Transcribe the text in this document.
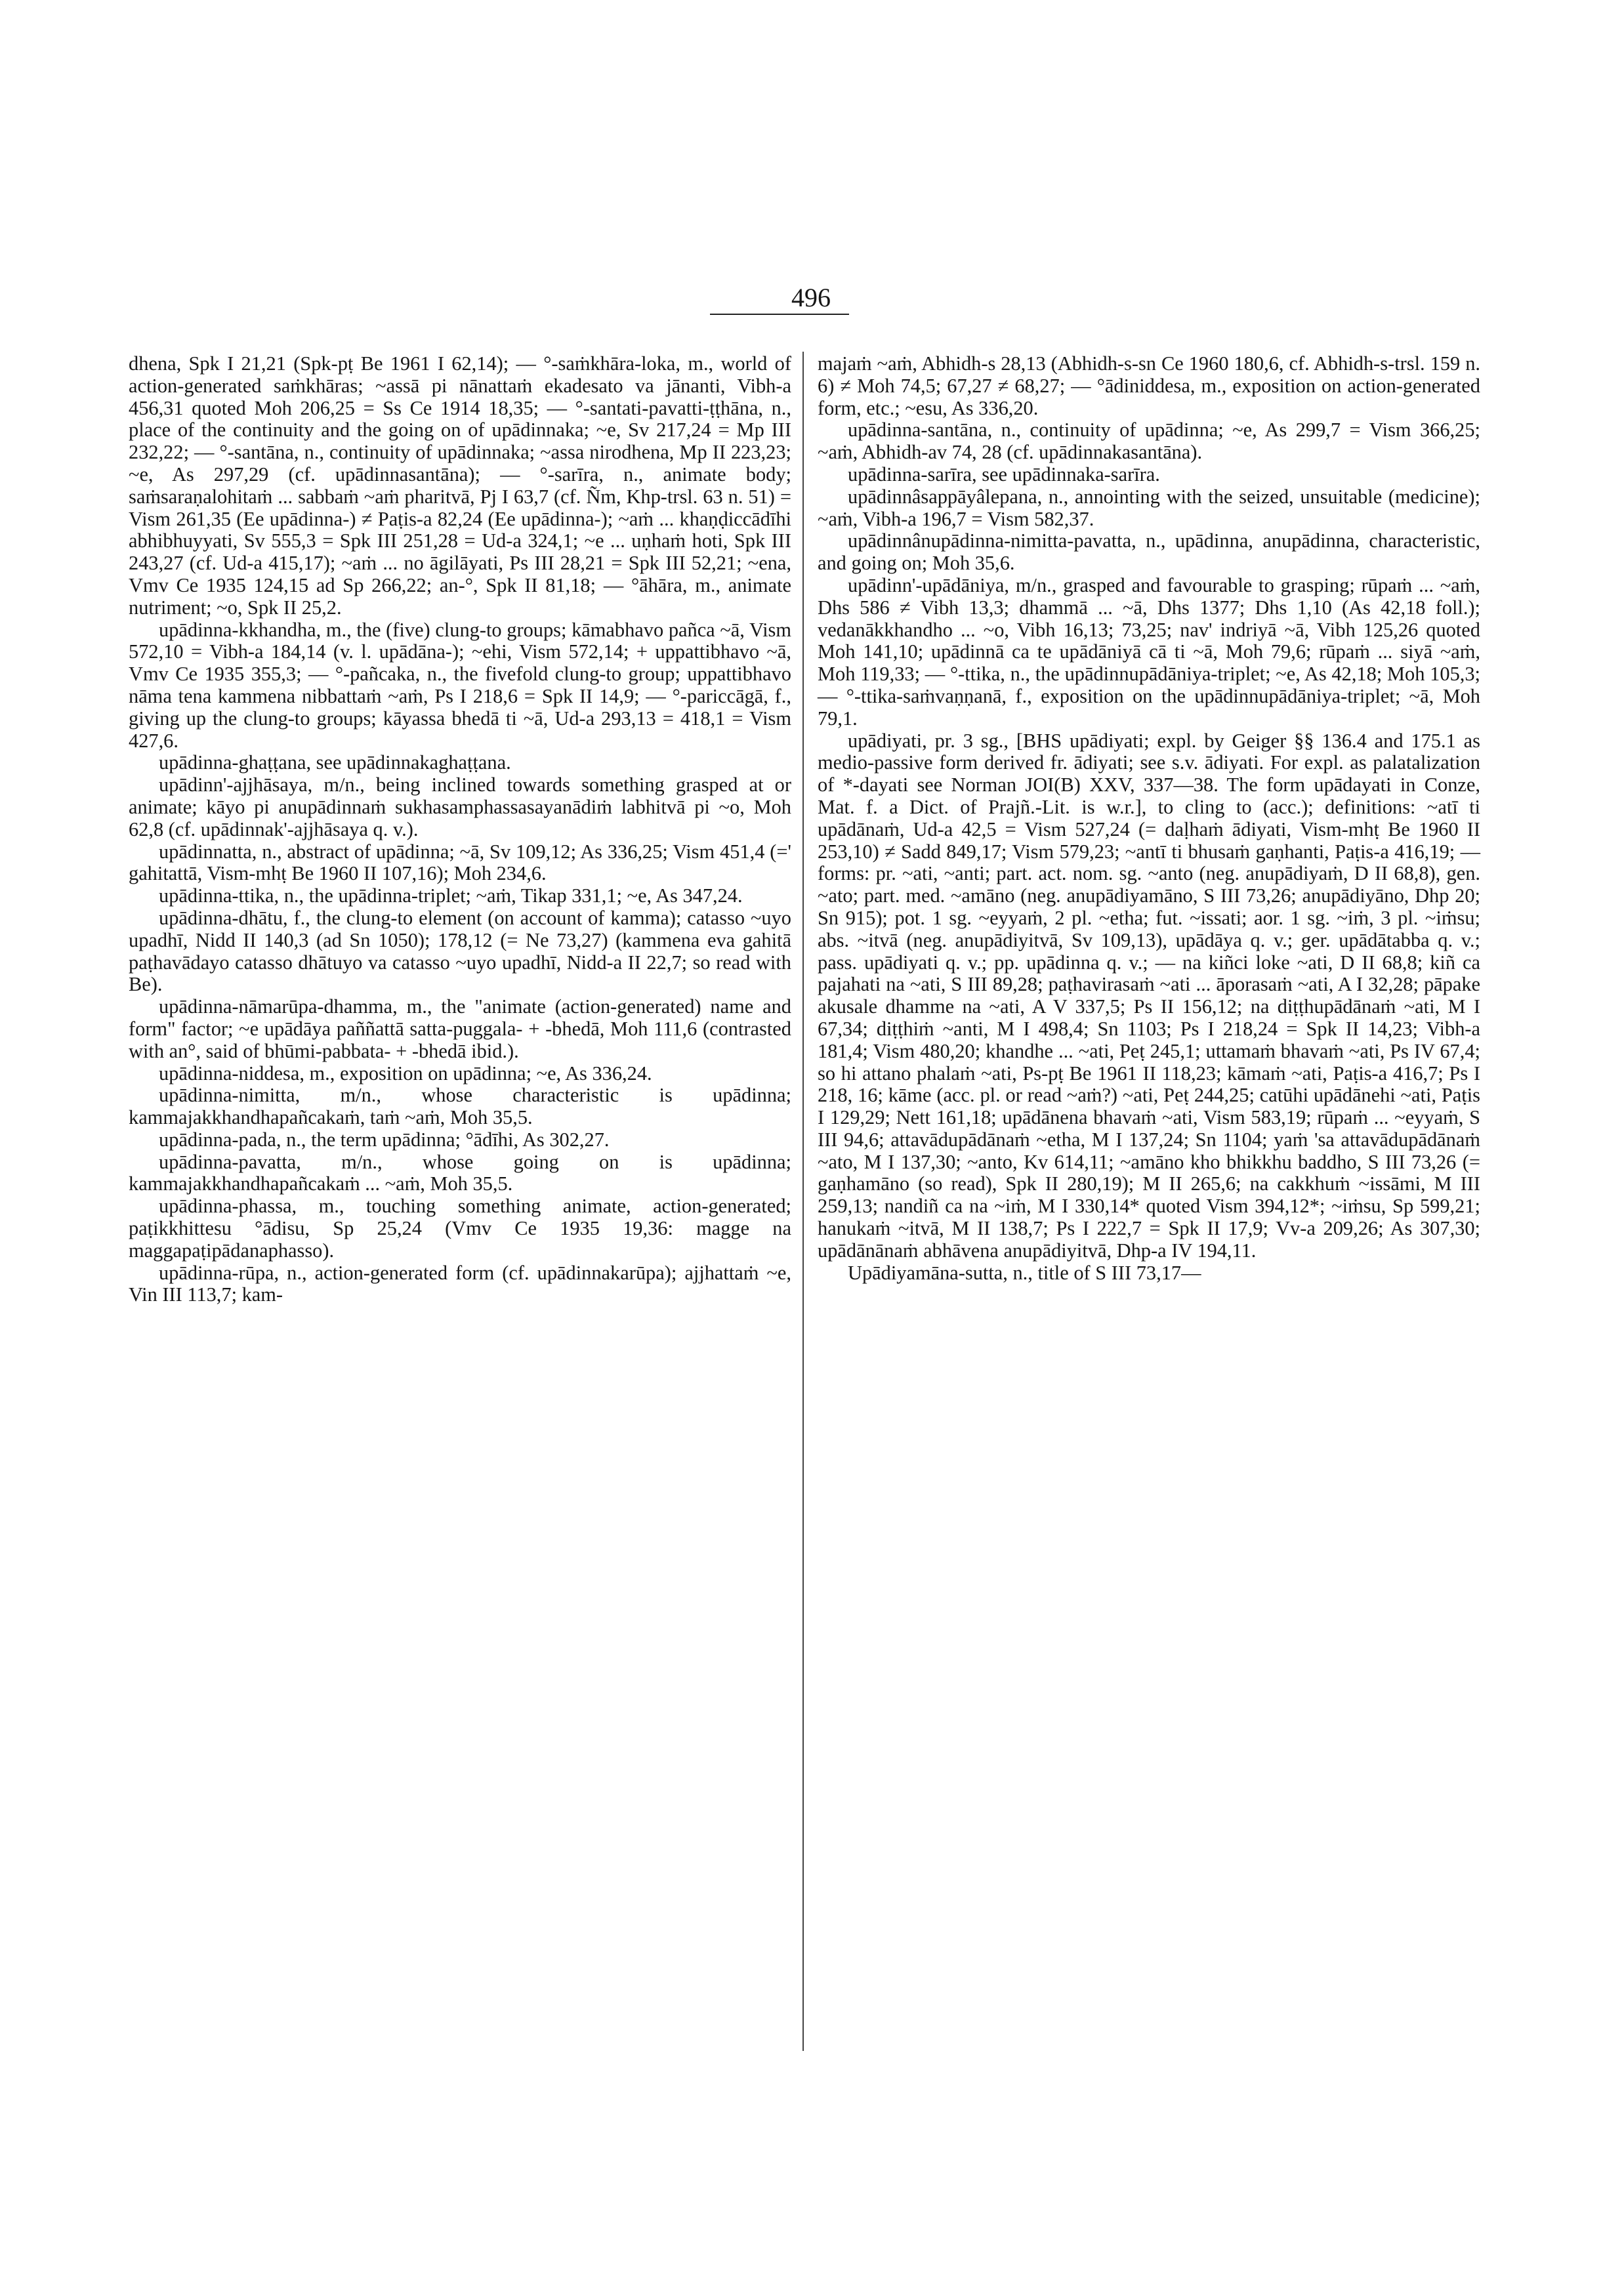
496

dhena, Spk I 21,21 (Spk-pṭ Be 1961 I 62,14); — °-saṁkhāra-loka, m., world of action-generated saṁkhāras; ~assā pi nānattaṁ ekadesato va jānanti, Vibh-a 456,31 quoted Moh 206,25 = Ss Ce 1914 18,35; — °-santati-pavatti-ṭṭhāna, n., place of the continuity and the going on of upādinnaka; ~e, Sv 217,24 = Mp III 232,22; — °-santāna, n., continuity of upādinnaka; ~assa nirodhena, Mp II 223,23; ~e, As 297,29 (cf. upādinnasantāna); — °-sarīra, n., animate body; saṁsaraṇalohitaṁ ... sabbaṁ ~aṁ pharitvā, Pj I 63,7 (cf. Ñm, Khp-trsl. 63 n. 51) = Vism 261,35 (Ee upādinna-) ≠ Paṭis-a 82,24 (Ee upādinna-); ~aṁ ... khaṇḍiccādīhi abhibhuyyati, Sv 555,3 = Spk III 251,28 = Ud-a 324,1; ~e ... uṇhaṁ hoti, Spk III 243,27 (cf. Ud-a 415,17); ~aṁ ... no āgilāyati, Ps III 28,21 = Spk III 52,21; ~ena, Vmv Ce 1935 124,15 ad Sp 266,22; an-°, Spk II 81,18; — °āhāra, m., animate nutriment; ~o, Spk II 25,2.

upādinna-kkhandha, m., the (five) clung-to groups; kāmabhavo pañca ~ā, Vism 572,10 = Vibh-a 184,14 (v. l. upādāna-); ~ehi, Vism 572,14; + uppattibhavo ~ā, Vmv Ce 1935 355,3; — °-pañcaka, n., the fivefold clung-to group; uppattibhavo nāma tena kammena nibbattaṁ ~aṁ, Ps I 218,6 = Spk II 14,9; — °-pariccāgā, f., giving up the clung-to groups; kāyassa bhedā ti ~ā, Ud-a 293,13 = 418,1 = Vism 427,6.

upādinna-ghaṭṭana, see upādinnakaghaṭṭana.

upādinn'-ajjhāsaya, m/n., being inclined towards something grasped at or animate; kāyo pi anupādinnaṁ sukhasamphassasayanādiṁ labhitvā pi ~o, Moh 62,8 (cf. upādinnak'-ajjhāsaya q. v.).

upādinnatta, n., abstract of upādinna; ~ā, Sv 109,12; As 336,25; Vism 451,4 (=' gahitattā, Vism-mhṭ Be 1960 II 107,16); Moh 234,6.

upādinna-ttika, n., the upādinna-triplet; ~aṁ, Tikap 331,1; ~e, As 347,24.

upādinna-dhātu, f., the clung-to element (on account of kamma); catasso ~uyo upadhī, Nidd II 140,3 (ad Sn 1050); 178,12 (= Ne 73,27) (kammena eva gahitā paṭhavādayo catasso dhātuyo va catasso ~uyo upadhī, Nidd-a II 22,7; so read with Be).

upādinna-nāmarūpa-dhamma, m., the "animate (action-generated) name and form" factor; ~e upādāya paññattā satta-puggala- + -bhedā, Moh 111,6 (contrasted with an°, said of bhūmi-pabbata- + -bhedā ibid.).

upādinna-niddesa, m., exposition on upādinna; ~e, As 336,24.

upādinna-nimitta, m/n., whose characteristic is upādinna; kammajakkhandhapañcakaṁ, taṁ ~aṁ, Moh 35,5.

upādinna-pada, n., the term upādinna; °ādīhi, As 302,27.

upādinna-pavatta, m/n., whose going on is upādinna; kammajakkhandhapañcakaṁ ... ~aṁ, Moh 35,5.

upādinna-phassa, m., touching something animate, action-generated; paṭikkhittesu °ādisu, Sp 25,24 (Vmv Ce 1935 19,36: magge na maggapaṭipādanaphasso).

upādinna-rūpa, n., action-generated form (cf. upādinnakarūpa); ajjhattaṁ ~e, Vin III 113,7; kam-

majaṁ ~aṁ, Abhidh-s 28,13 (Abhidh-s-sn Ce 1960 180,6, cf. Abhidh-s-trsl. 159 n. 6) ≠ Moh 74,5; 67,27 ≠ 68,27; — °ādiniddesa, m., exposition on action-generated form, etc.; ~esu, As 336,20.

upādinna-santāna, n., continuity of upādinna; ~e, As 299,7 = Vism 366,25; ~aṁ, Abhidh-av 74, 28 (cf. upādinnakasantāna).

upādinna-sarīra, see upādinnaka-sarīra.

upādinnâsappāyâlepana, n., annointing with the seized, unsuitable (medicine); ~aṁ, Vibh-a 196,7 = Vism 582,37.

upādinnânupādinna-nimitta-pavatta, n., upādinna, anupādinna, characteristic, and going on; Moh 35,6.

upādinn'-upādāniya, m/n., grasped and favourable to grasping; rūpaṁ ... ~aṁ, Dhs 586 ≠ Vibh 13,3; dhammā ... ~ā, Dhs 1377; Dhs 1,10 (As 42,18 foll.); vedanākkhandho ... ~o, Vibh 16,13; 73,25; nav' indriyā ~ā, Vibh 125,26 quoted Moh 141,10; upādinnā ca te upādāniyā cā ti ~ā, Moh 79,6; rūpaṁ ... siyā ~aṁ, Moh 119,33; — °-ttika, n., the upādinnupādāniya-triplet; ~e, As 42,18; Moh 105,3; — °-ttika-saṁvaṇṇanā, f., exposition on the upādinnupādāniya-triplet; ~ā, Moh 79,1.

upādiyati, pr. 3 sg., [BHS upādiyati; expl. by Geiger §§ 136.4 and 175.1 as medio-passive form derived fr. ādiyati; see s.v. ādiyati. For expl. as palatalization of *-dayati see Norman JOI(B) XXV, 337—38. The form upādayati in Conze, Mat. f. a Dict. of Prajñ.-Lit. is w.r.], to cling to (acc.); definitions: ~atī ti upādānaṁ, Ud-a 42,5 = Vism 527,24 (= daḷhaṁ ādiyati, Vism-mhṭ Be 1960 II 253,10) ≠ Sadd 849,17; Vism 579,23; ~antī ti bhusaṁ gaṇhanti, Paṭis-a 416,19; — forms: pr. ~ati, ~anti; part. act. nom. sg. ~anto (neg. anupādiyaṁ, D II 68,8), gen. ~ato; part. med. ~amāno (neg. anupādiyamāno, S III 73,26; anupādiyāno, Dhp 20; Sn 915); pot. 1 sg. ~eyyaṁ, 2 pl. ~etha; fut. ~issati; aor. 1 sg. ~iṁ, 3 pl. ~iṁsu; abs. ~itvā (neg. anupādiyitvā, Sv 109,13), upādāya q. v.; ger. upādātabba q. v.; pass. upādiyati q. v.; pp. upādinna q. v.; — na kiñci loke ~ati, D II 68,8; kiñ ca pajahati na ~ati, S III 89,28; paṭhavirasaṁ ~ati ... āporasaṁ ~ati, A I 32,28; pāpake akusale dhamme na ~ati, A V 337,5; Ps II 156,12; na diṭṭhupādānaṁ ~ati, M I 67,34; diṭṭhiṁ ~anti, M I 498,4; Sn 1103; Ps I 218,24 = Spk II 14,23; Vibh-a 181,4; Vism 480,20; khandhe ... ~ati, Peṭ 245,1; uttamaṁ bhavaṁ ~ati, Ps IV 67,4; so hi attano phalaṁ ~ati, Ps-pṭ Be 1961 II 118,23; kāmaṁ ~ati, Paṭis-a 416,7; Ps I 218, 16; kāme (acc. pl. or read ~aṁ?) ~ati, Peṭ 244,25; catūhi upādānehi ~ati, Paṭis I 129,29; Nett 161,18; upādānena bhavaṁ ~ati, Vism 583,19; rūpaṁ ... ~eyyaṁ, S III 94,6; attavādupādānaṁ ~etha, M I 137,24; Sn 1104; yaṁ 'sa attavādupādānaṁ ~ato, M I 137,30; ~anto, Kv 614,11; ~amāno kho bhikkhu baddho, S III 73,26 (= gaṇhamāno (so read), Spk II 280,19); M II 265,6; na cakkhuṁ ~issāmi, M III 259,13; nandiñ ca na ~iṁ, M I 330,14* quoted Vism 394,12*; ~iṁsu, Sp 599,21; hanukaṁ ~itvā, M II 138,7; Ps I 222,7 = Spk II 17,9; Vv-a 209,26; As 307,30; upādānānaṁ abhāvena anupādiyitvā, Dhp-a IV 194,11.

Upādiyamāna-sutta, n., title of S III 73,17—
